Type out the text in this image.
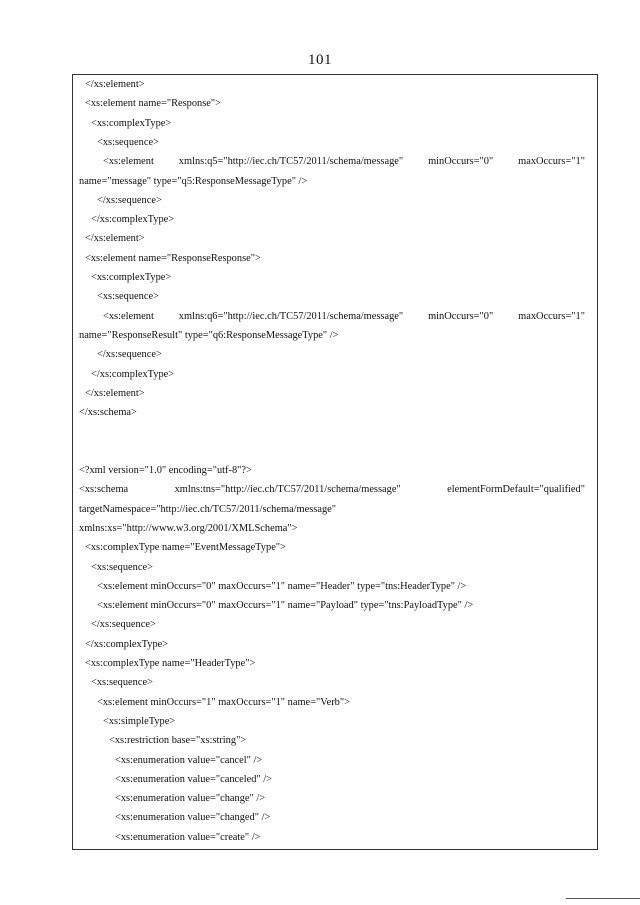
101
</xs:element>
<xs:element name="Response">
<xs:complexType>
<xs:sequence>
<xs:element xmlns:q5="http://iec.ch/TC57/2011/schema/message" minOccurs="0" maxOccurs="1"
name="message" type="q5:ResponseMessageType" />
</xs:sequence>
</xs:complexType>
</xs:element>
<xs:element name="ResponseResponse">
<xs:complexType>
<xs:sequence>
<xs:element xmlns:q6="http://iec.ch/TC57/2011/schema/message" minOccurs="0" maxOccurs="1"
name="ResponseResult" type="q6:ResponseMessageType" />
</xs:sequence>
</xs:complexType>
</xs:element>
</xs:schema>
<?xml version="1.0" encoding="utf-8"?>
<xs:schema	xmlns:tns="http://iec.ch/TC57/2011/schema/message"	elementFormDefault="qualified"
targetNamespace="http://iec.ch/TC57/2011/schema/message"
xmlns:xs="http://www.w3.org/2001/XMLSchema">
<xs:complexType name="EventMessageType">
<xs:sequence>
<xs:element minOccurs="0" maxOccurs="1" name="Header" type="tns:HeaderType" />
<xs:element minOccurs="0" maxOccurs="1" name="Payload" type="tns:PayloadType" />
</xs:sequence>
</xs:complexType>
<xs:complexType name="HeaderType">
<xs:sequence>
<xs:element minOccurs="1" maxOccurs="1" name="Verb">
<xs:simpleType>
<xs:restriction base="xs:string">
<xs:enumeration value="cancel" />
<xs:enumeration value="canceled" />
<xs:enumeration value="change" />
<xs:enumeration value="changed" />
<xs:enumeration value="create" />
